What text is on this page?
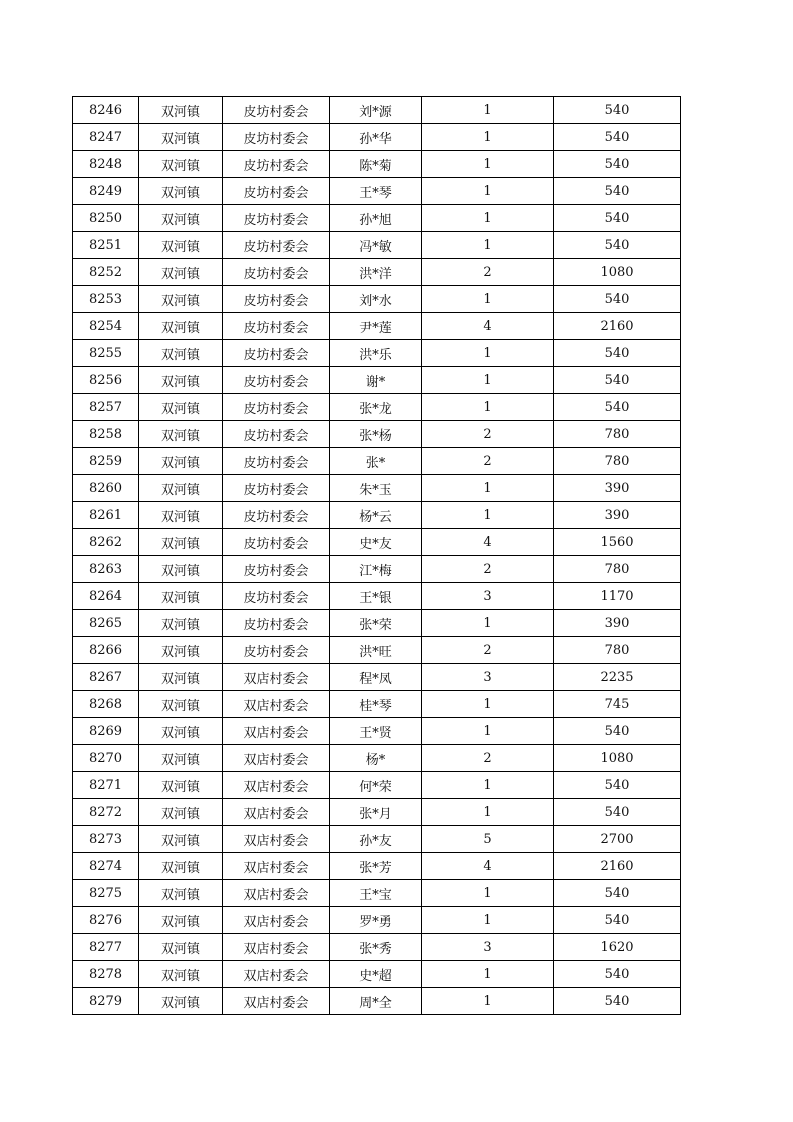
8246	双河镇	皮坊村委会	刘*源	1	540
8247	双河镇	皮坊村委会	孙*华	1	540
8248	双河镇	皮坊村委会	陈*菊	1	540
8249	双河镇	皮坊村委会	王*琴	1	540
8250	双河镇	皮坊村委会	孙*旭	1	540
8251	双河镇	皮坊村委会	冯*敏	1	540
8252	双河镇	皮坊村委会	洪*洋	2	1080
8253	双河镇	皮坊村委会	刘*水	1	540
8254	双河镇	皮坊村委会	尹*莲	4	2160
8255	双河镇	皮坊村委会	洪*乐	1	540
8256	双河镇	皮坊村委会	谢*	1	540
8257	双河镇	皮坊村委会	张*龙	1	540
8258	双河镇	皮坊村委会	张*杨	2	780
8259	双河镇	皮坊村委会	张*	2	780
8260	双河镇	皮坊村委会	朱*玉	1	390
8261	双河镇	皮坊村委会	杨*云	1	390
8262	双河镇	皮坊村委会	史*友	4	1560
8263	双河镇	皮坊村委会	江*梅	2	780
8264	双河镇	皮坊村委会	王*银	3	1170
8265	双河镇	皮坊村委会	张*荣	1	390
8266	双河镇	皮坊村委会	洪*旺	2	780
8267	双河镇	双店村委会	程*凤	3	2235
8268	双河镇	双店村委会	桂*琴	1	745
8269	双河镇	双店村委会	王*贤	1	540
8270	双河镇	双店村委会	杨*	2	1080
8271	双河镇	双店村委会	何*荣	1	540
8272	双河镇	双店村委会	张*月	1	540
8273	双河镇	双店村委会	孙*友	5	2700
8274	双河镇	双店村委会	张*芳	4	2160
8275	双河镇	双店村委会	王*宝	1	540
8276	双河镇	双店村委会	罗*勇	1	540
8277	双河镇	双店村委会	张*秀	3	1620
8278	双河镇	双店村委会	史*超	1	540
8279	双河镇	双店村委会	周*全	1	540
